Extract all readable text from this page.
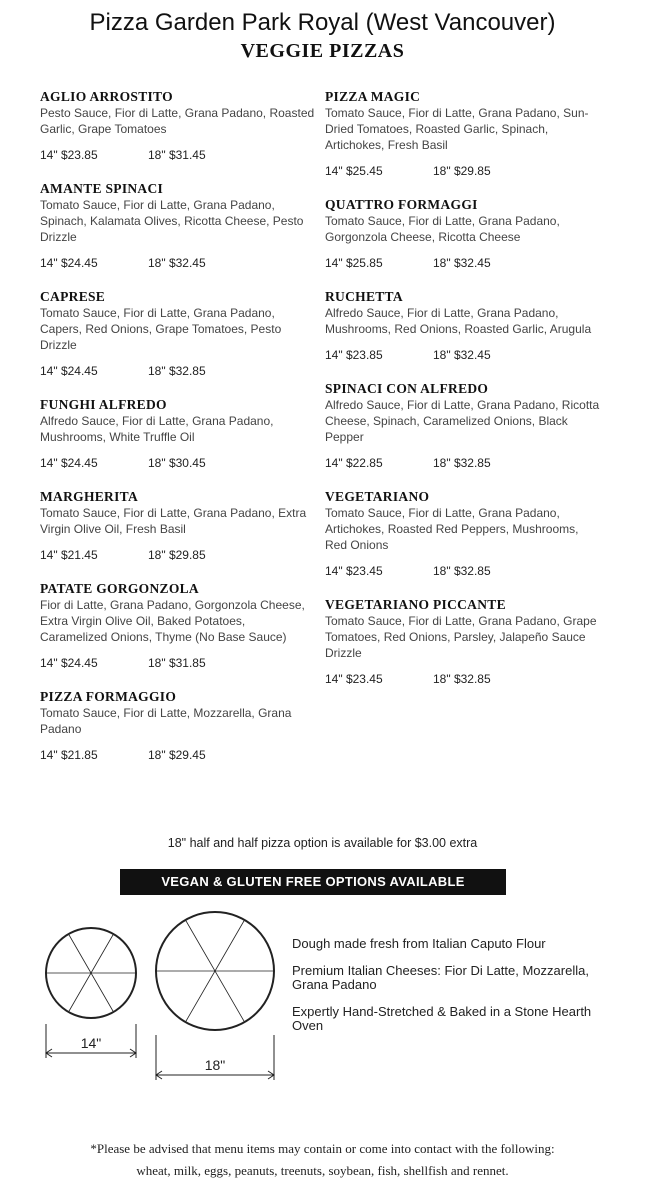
Pizza Garden Park Royal (West Vancouver)
VEGGIE PIZZAS
AGLIO ARROSTITO
Pesto Sauce, Fior di Latte, Grana Padano, Roasted Garlic, Grape Tomatoes
14" $23.85	18" $31.45
AMANTE SPINACI
Tomato Sauce, Fior di Latte, Grana Padano, Spinach, Kalamata Olives, Ricotta Cheese, Pesto Drizzle
14" $24.45	18" $32.45
CAPRESE
Tomato Sauce, Fior di Latte, Grana Padano, Capers, Red Onions, Grape Tomatoes, Pesto Drizzle
14" $24.45	18" $32.85
FUNGHI ALFREDO
Alfredo Sauce, Fior di Latte, Grana Padano, Mushrooms, White Truffle Oil
14" $24.45	18" $30.45
MARGHERITA
Tomato Sauce, Fior di Latte, Grana Padano, Extra Virgin Olive Oil, Fresh Basil
14" $21.45	18" $29.85
PATATE GORGONZOLA
Fior di Latte, Grana Padano, Gorgonzola Cheese, Extra Virgin Olive Oil, Baked Potatoes, Caramelized Onions, Thyme (No Base Sauce)
14" $24.45	18" $31.85
PIZZA FORMAGGIO
Tomato Sauce, Fior di Latte, Mozzarella, Grana Padano
14" $21.85	18" $29.45
PIZZA MAGIC
Tomato Sauce, Fior di Latte, Grana Padano, Sun-Dried Tomatoes, Roasted Garlic, Spinach, Artichokes, Fresh Basil
14" $25.45	18" $29.85
QUATTRO FORMAGGI
Tomato Sauce, Fior di Latte, Grana Padano, Gorgonzola Cheese, Ricotta Cheese
14" $25.85	18" $32.45
RUCHETTA
Alfredo Sauce, Fior di Latte, Grana Padano, Mushrooms, Red Onions, Roasted Garlic, Arugula
14" $23.85	18" $32.45
SPINACI CON ALFREDO
Alfredo Sauce, Fior di Latte, Grana Padano, Ricotta Cheese, Spinach, Caramelized Onions, Black Pepper
14" $22.85	18" $32.85
VEGETARIANO
Tomato Sauce, Fior di Latte, Grana Padano, Artichokes, Roasted Red Peppers, Mushrooms, Red Onions
14" $23.45	18" $32.85
VEGETARIANO PICCANTE
Tomato Sauce, Fior di Latte, Grana Padano, Grape Tomatoes, Red Onions, Parsley, Jalapeño Sauce Drizzle
14" $23.45	18" $32.85
18" half and half pizza option is available for $3.00 extra
VEGAN & GLUTEN FREE OPTIONS AVAILABLE
14"
18"
Dough made fresh from Italian Caputo Flour
Premium Italian Cheeses: Fior Di Latte, Mozzarella, Grana Padano
Expertly Hand-Stretched & Baked in a Stone Hearth Oven
*Please be advised that menu items may contain or come into contact with the following:
wheat, milk, eggs, peanuts, treenuts, soybean, fish, shellfish and rennet.
